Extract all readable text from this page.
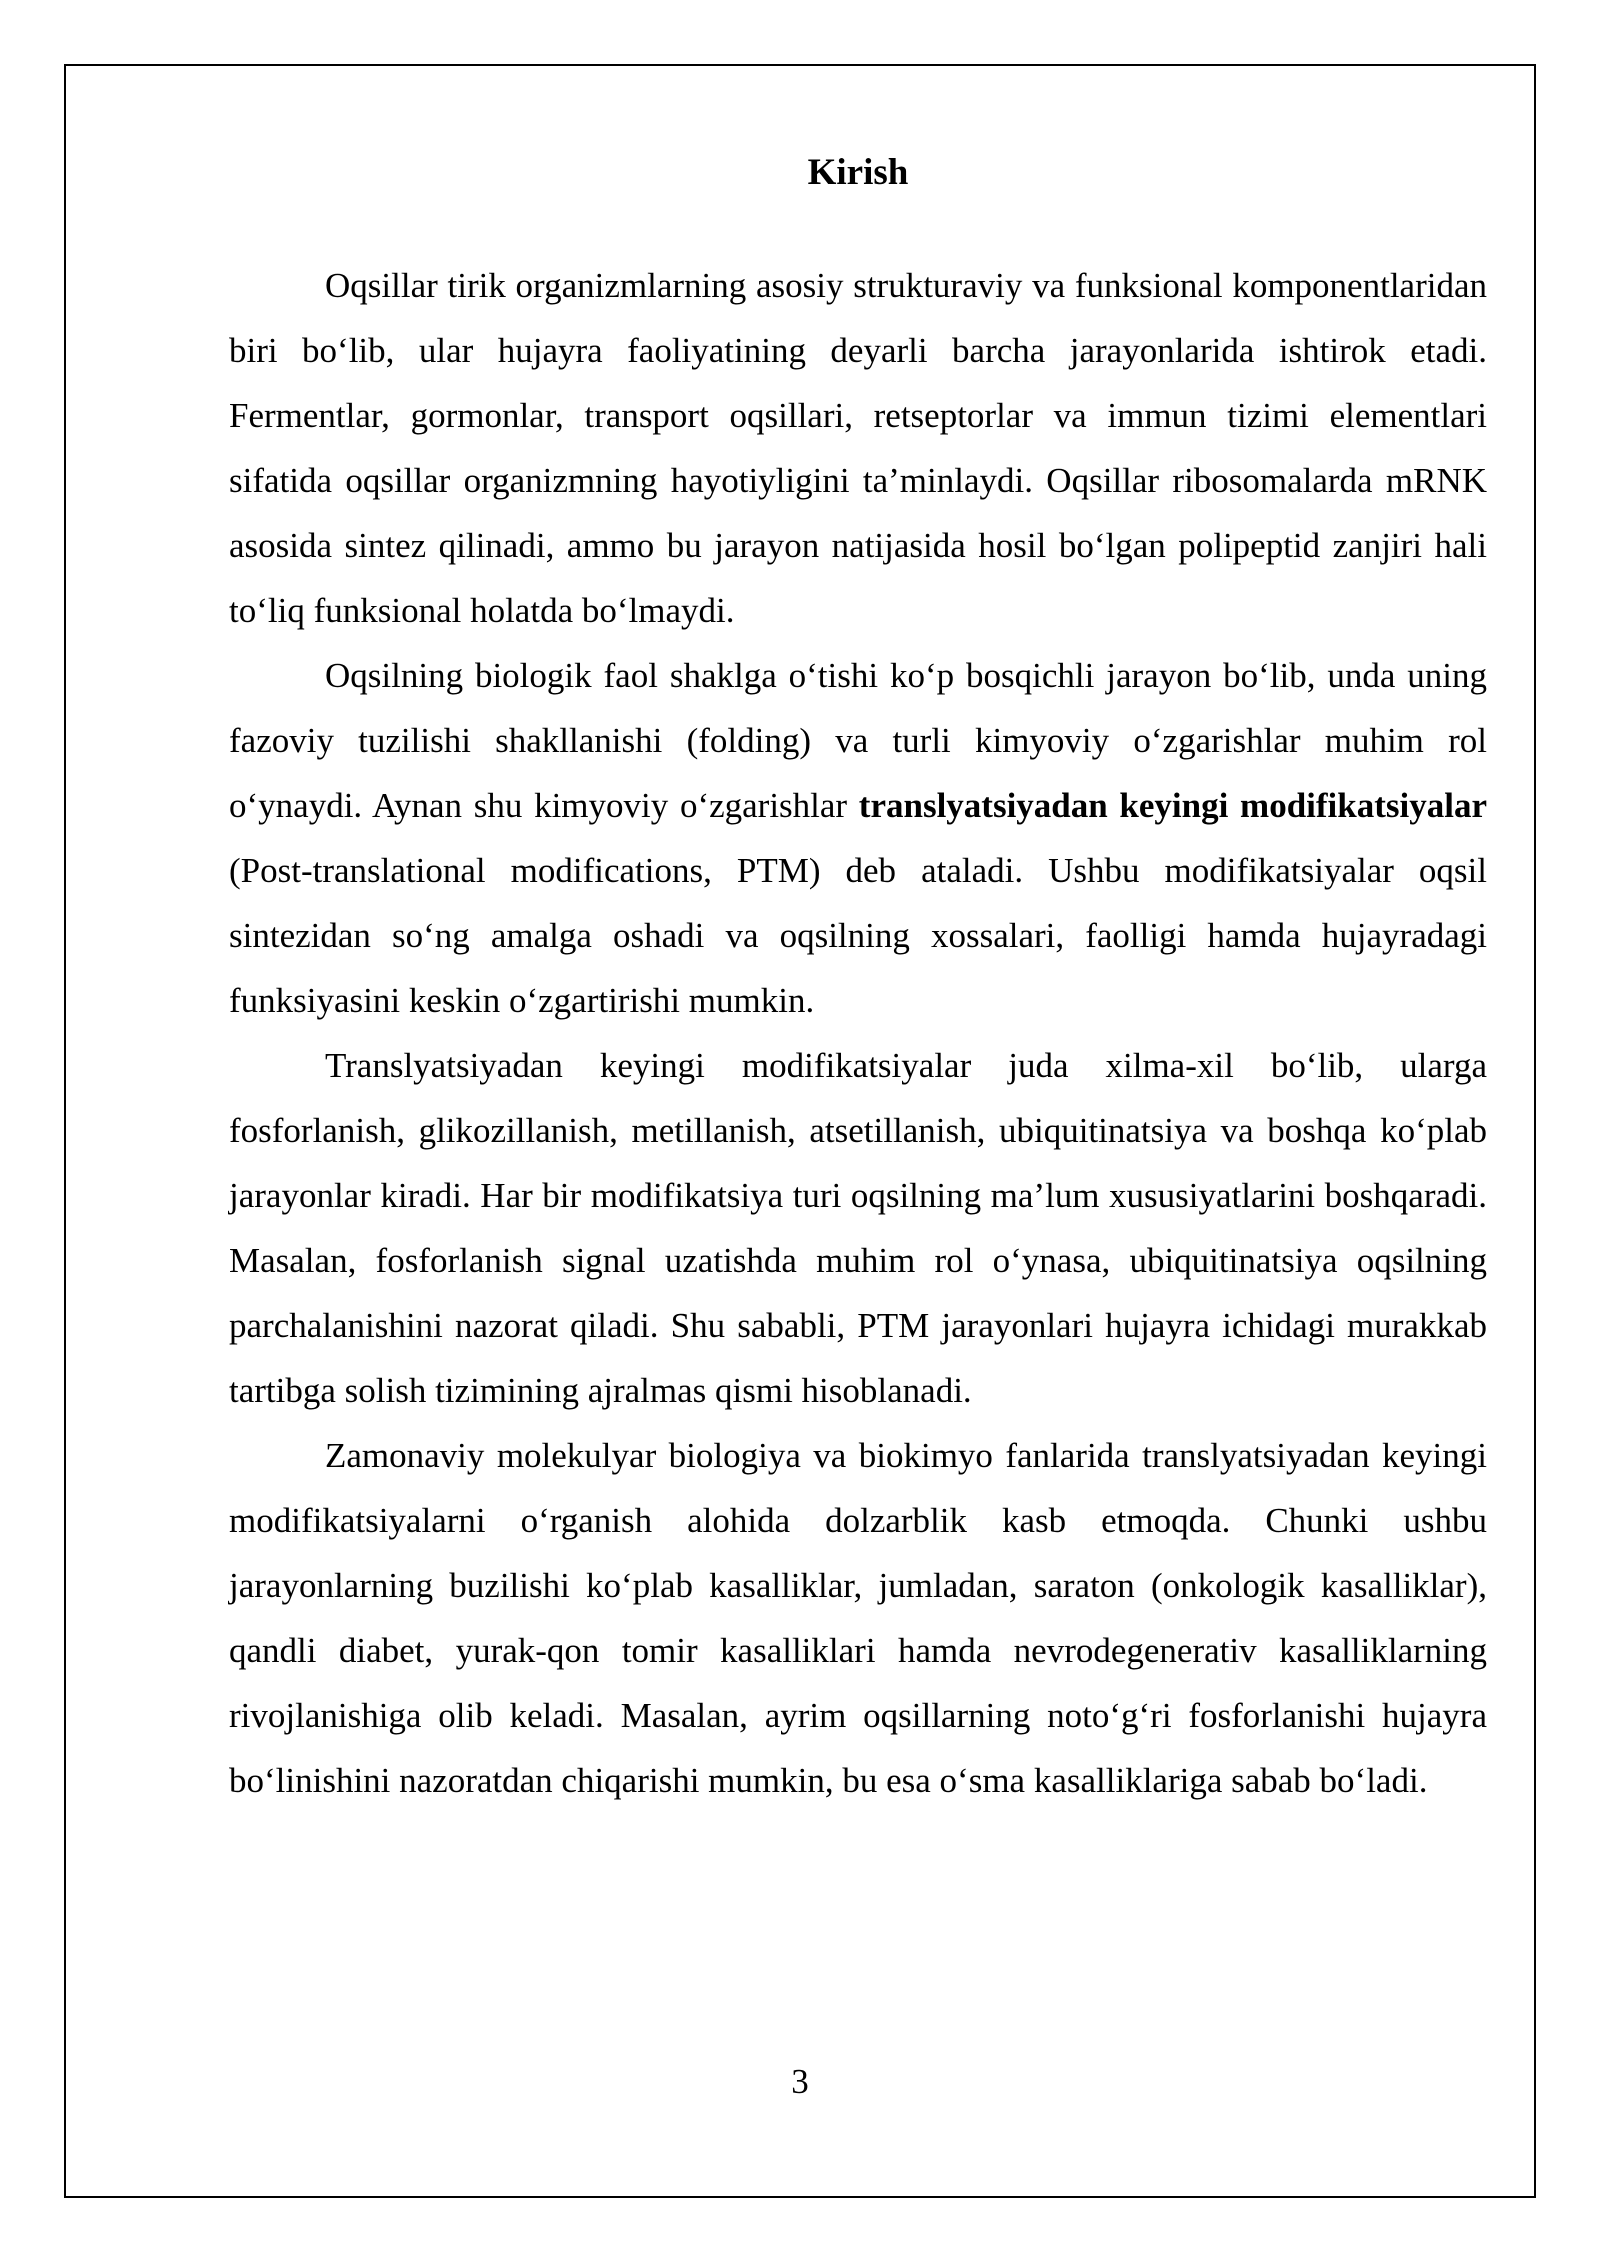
Kirish

Oqsillar tirik organizmlarning asosiy strukturaviy va funksional komponentlaridan biri bo‘lib, ular hujayra faoliyatining deyarli barcha jarayonlarida ishtirok etadi. Fermentlar, gormonlar, transport oqsillari, retseptorlar va immun tizimi elementlari sifatida oqsillar organizmning hayotiyligini ta’minlaydi. Oqsillar ribosomalarda mRNK asosida sintez qilinadi, ammo bu jarayon natijasida hosil bo‘lgan polipeptid zanjiri hali to‘liq funksional holatda bo‘lmaydi.

Oqsilning biologik faol shaklga o‘tishi ko‘p bosqichli jarayon bo‘lib, unda uning fazoviy tuzilishi shakllanishi (folding) va turli kimyoviy o‘zgarishlar muhim rol o‘ynaydi. Aynan shu kimyoviy o‘zgarishlar translyatsiyadan keyingi modifikatsiyalar (Post-translational modifications, PTM) deb ataladi. Ushbu modifikatsiyalar oqsil sintezidan so‘ng amalga oshadi va oqsilning xossalari, faolligi hamda hujayradagi funksiyasini keskin o‘zgartirishi mumkin.

Translyatsiyadan keyingi modifikatsiyalar juda xilma-xil bo‘lib, ularga fosforlanish, glikozillanish, metillanish, atsetillanish, ubiquitinatsiya va boshqa ko‘plab jarayonlar kiradi. Har bir modifikatsiya turi oqsilning ma’lum xususiyatlarini boshqaradi. Masalan, fosforlanish signal uzatishda muhim rol o‘ynasa, ubiquitinatsiya oqsilning parchalanishini nazorat qiladi. Shu sababli, PTM jarayonlari hujayra ichidagi murakkab tartibga solish tizimining ajralmas qismi hisoblanadi.

Zamonaviy molekulyar biologiya va biokimyo fanlarida translyatsiyadan keyingi modifikatsiyalarni o‘rganish alohida dolzarblik kasb etmoqda. Chunki ushbu jarayonlarning buzilishi ko‘plab kasalliklar, jumladan, saraton (onkologik kasalliklar), qandli diabet, yurak-qon tomir kasalliklari hamda nevrodegenerativ kasalliklarning rivojlanishiga olib keladi. Masalan, ayrim oqsillarning noto‘g‘ri fosforlanishi hujayra bo‘linishini nazoratdan chiqarishi mumkin, bu esa o‘sma kasalliklariga sabab bo‘ladi.

3
